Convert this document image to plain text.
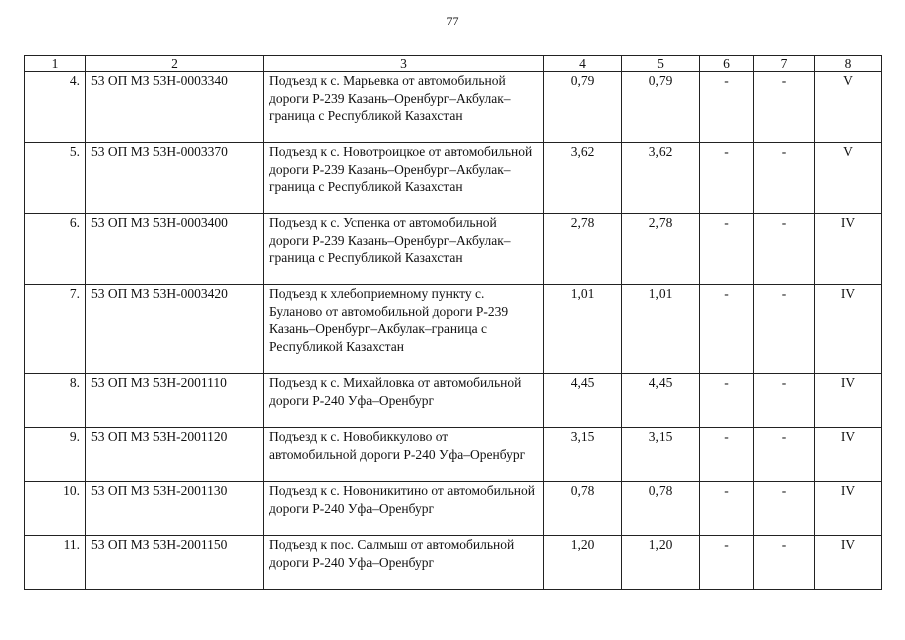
77
1	2	3	4	5	6	7	8
4.	53 ОП МЗ 53Н-0003340	Подъезд к с. Марьевка от автомобильной дороги Р-239 Казань–Оренбург–Акбулак–граница с Республикой Казахстан	0,79	0,79	-	-	V
5.	53 ОП МЗ 53Н-0003370	Подъезд к с. Новотроицкое от автомобильной дороги Р-239 Казань–Оренбург–Акбулак–граница с Республикой Казахстан	3,62	3,62	-	-	V
6.	53 ОП МЗ 53Н-0003400	Подъезд к с. Успенка от автомобильной дороги Р-239 Казань–Оренбург–Акбулак–граница с Республикой Казахстан	2,78	2,78	-	-	IV
7.	53 ОП МЗ 53Н-0003420	Подъезд к хлебоприемному пункту с. Буланово от автомобильной дороги Р-239 Казань–Оренбург–Акбулак–граница с Республикой Казахстан	1,01	1,01	-	-	IV
8.	53 ОП МЗ 53Н-2001110	Подъезд к с. Михайловка от автомобильной дороги Р-240 Уфа–Оренбург	4,45	4,45	-	-	IV
9.	53 ОП МЗ 53Н-2001120	Подъезд к с. Новобиккулово от автомобильной дороги Р-240 Уфа–Оренбург	3,15	3,15	-	-	IV
10.	53 ОП МЗ 53Н-2001130	Подъезд к с. Новоникитино от автомобильной дороги Р-240 Уфа–Оренбург	0,78	0,78	-	-	IV
11.	53 ОП МЗ 53Н-2001150	Подъезд к пос. Салмыш от автомобильной дороги Р-240 Уфа–Оренбург	1,20	1,20	-	-	IV
